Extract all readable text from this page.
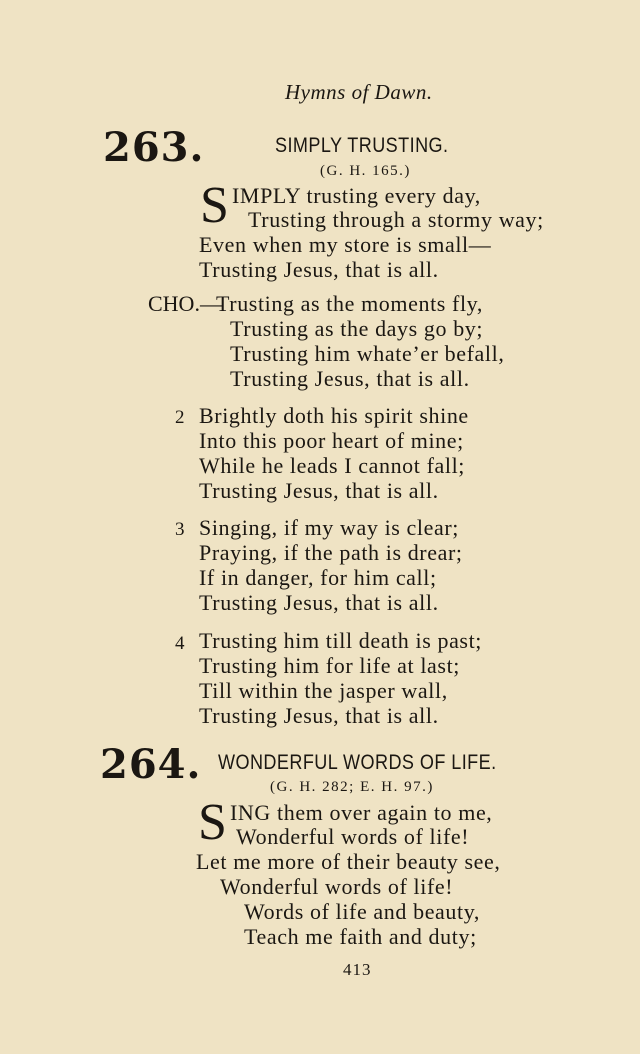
Hymns of Dawn.
263.	SIMPLY TRUSTING.
(G. H. 165.)
S IMPLY trusting every day,
Trusting through a stormy way;
Even when my store is small—
Trusting Jesus, that is all.
CHO.—
Trusting as the moments fly,
Trusting as the days go by;
Trusting him whate’er befall,
Trusting Jesus, that is all.
2 Brightly doth his spirit shine
Into this poor heart of mine;
While he leads I cannot fall;
Trusting Jesus, that is all.
3 Singing, if my way is clear;
Praying, if the path is drear;
If in danger, for him call;
Trusting Jesus, that is all.
4 Trusting him till death is past;
Trusting him for life at last;
Till within the jasper wall,
Trusting Jesus, that is all.
264. WONDERFUL WORDS OF LIFE.
(G. H. 282; E. H. 97.)
S ING them over again to me,
Wonderful words of life!
Let me more of their beauty see,
Wonderful words of life!
Words of life and beauty,
Teach me faith and duty;
413
